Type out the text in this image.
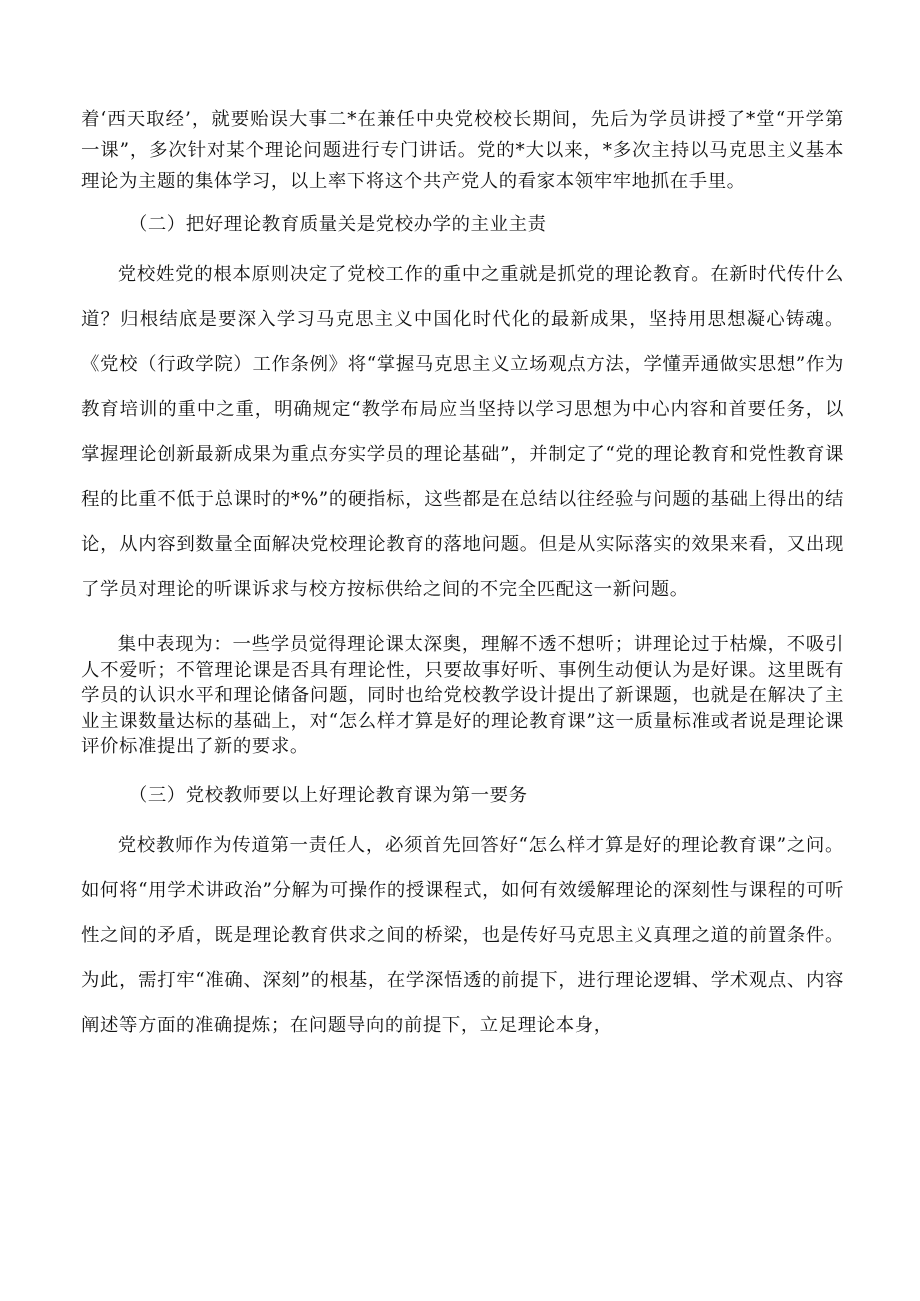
着‘西天取经’，就要贻误大事二*在兼任中央党校校长期间，先后为学员讲授了*堂“开学第一课”，多次针对某个理论问题进行专门讲话。党的*大以来，*多次主持以马克思主义基本理论为主题的集体学习，以上率下将这个共产党人的看家本领牢牢地抓在手里。

（二）把好理论教育质量关是党校办学的主业主责

党校姓党的根本原则决定了党校工作的重中之重就是抓党的理论教育。在新时代传什么道？归根结底是要深入学习马克思主义中国化时代化的最新成果，坚持用思想凝心铸魂。《党校（行政学院）工作条例》将“掌握马克思主义立场观点方法，学懂弄通做实思想”作为教育培训的重中之重，明确规定“教学布局应当坚持以学习思想为中心内容和首要任务，以掌握理论创新最新成果为重点夯实学员的理论基础”，并制定了“党的理论教育和党性教育课程的比重不低于总课时的*%”的硬指标，这些都是在总结以往经验与问题的基础上得出的结论，从内容到数量全面解决党校理论教育的落地问题。但是从实际落实的效果来看，又出现了学员对理论的听课诉求与校方按标供给之间的不完全匹配这一新问题。

集中表现为：一些学员觉得理论课太深奥，理解不透不想听；讲理论过于枯燥，不吸引人不爱听；不管理论课是否具有理论性，只要故事好听、事例生动便认为是好课。这里既有学员的认识水平和理论储备问题，同时也给党校教学设计提出了新课题，也就是在解决了主业主课数量达标的基础上，对“怎么样才算是好的理论教育课”这一质量标准或者说是理论课评价标准提出了新的要求。

（三）党校教师要以上好理论教育课为第一要务

党校教师作为传道第一责任人，必须首先回答好“怎么样才算是好的理论教育课”之问。如何将“用学术讲政治”分解为可操作的授课程式，如何有效缓解理论的深刻性与课程的可听性之间的矛盾，既是理论教育供求之间的桥梁，也是传好马克思主义真理之道的前置条件。为此，需打牢“准确、深刻”的根基，在学深悟透的前提下，进行理论逻辑、学术观点、内容阐述等方面的准确提炼；在问题导向的前提下，立足理论本身，
